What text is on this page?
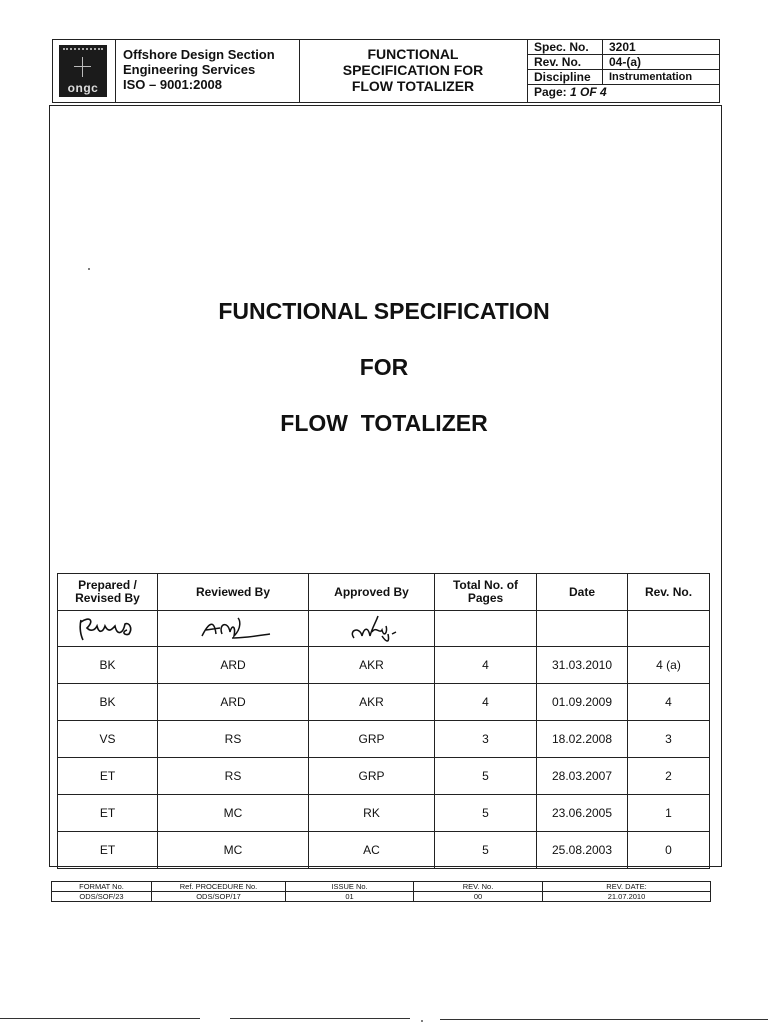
ongc
Offshore Design Section
Engineering Services
ISO – 9001:2008
FUNCTIONAL
SPECIFICATION FOR
FLOW TOTALIZER
Spec. No.	3201
Rev. No.	04-(a)
Discipline	Instrumentation
Page: 1 OF 4	
FUNCTIONAL SPECIFICATION
FOR
FLOW  TOTALIZER
Prepared / Revised By	Reviewed By	Approved By	Total No. of Pages	Date	Rev. No.

BK	ARD	AKR	4	31.03.2010	4 (a)
BK	ARD	AKR	4	01.09.2009	4
VS	RS	GRP	3	18.02.2008	3
ET	RS	GRP	5	28.03.2007	2
ET	MC	RK	5	23.06.2005	1
ET	MC	AC	5	25.08.2003	0
FORMAT No.	Ref. PROCEDURE No.	ISSUE No.	REV. No.	REV. DATE:
ODS/SOF/23	ODS/SOP/17	01	00	21.07.2010
